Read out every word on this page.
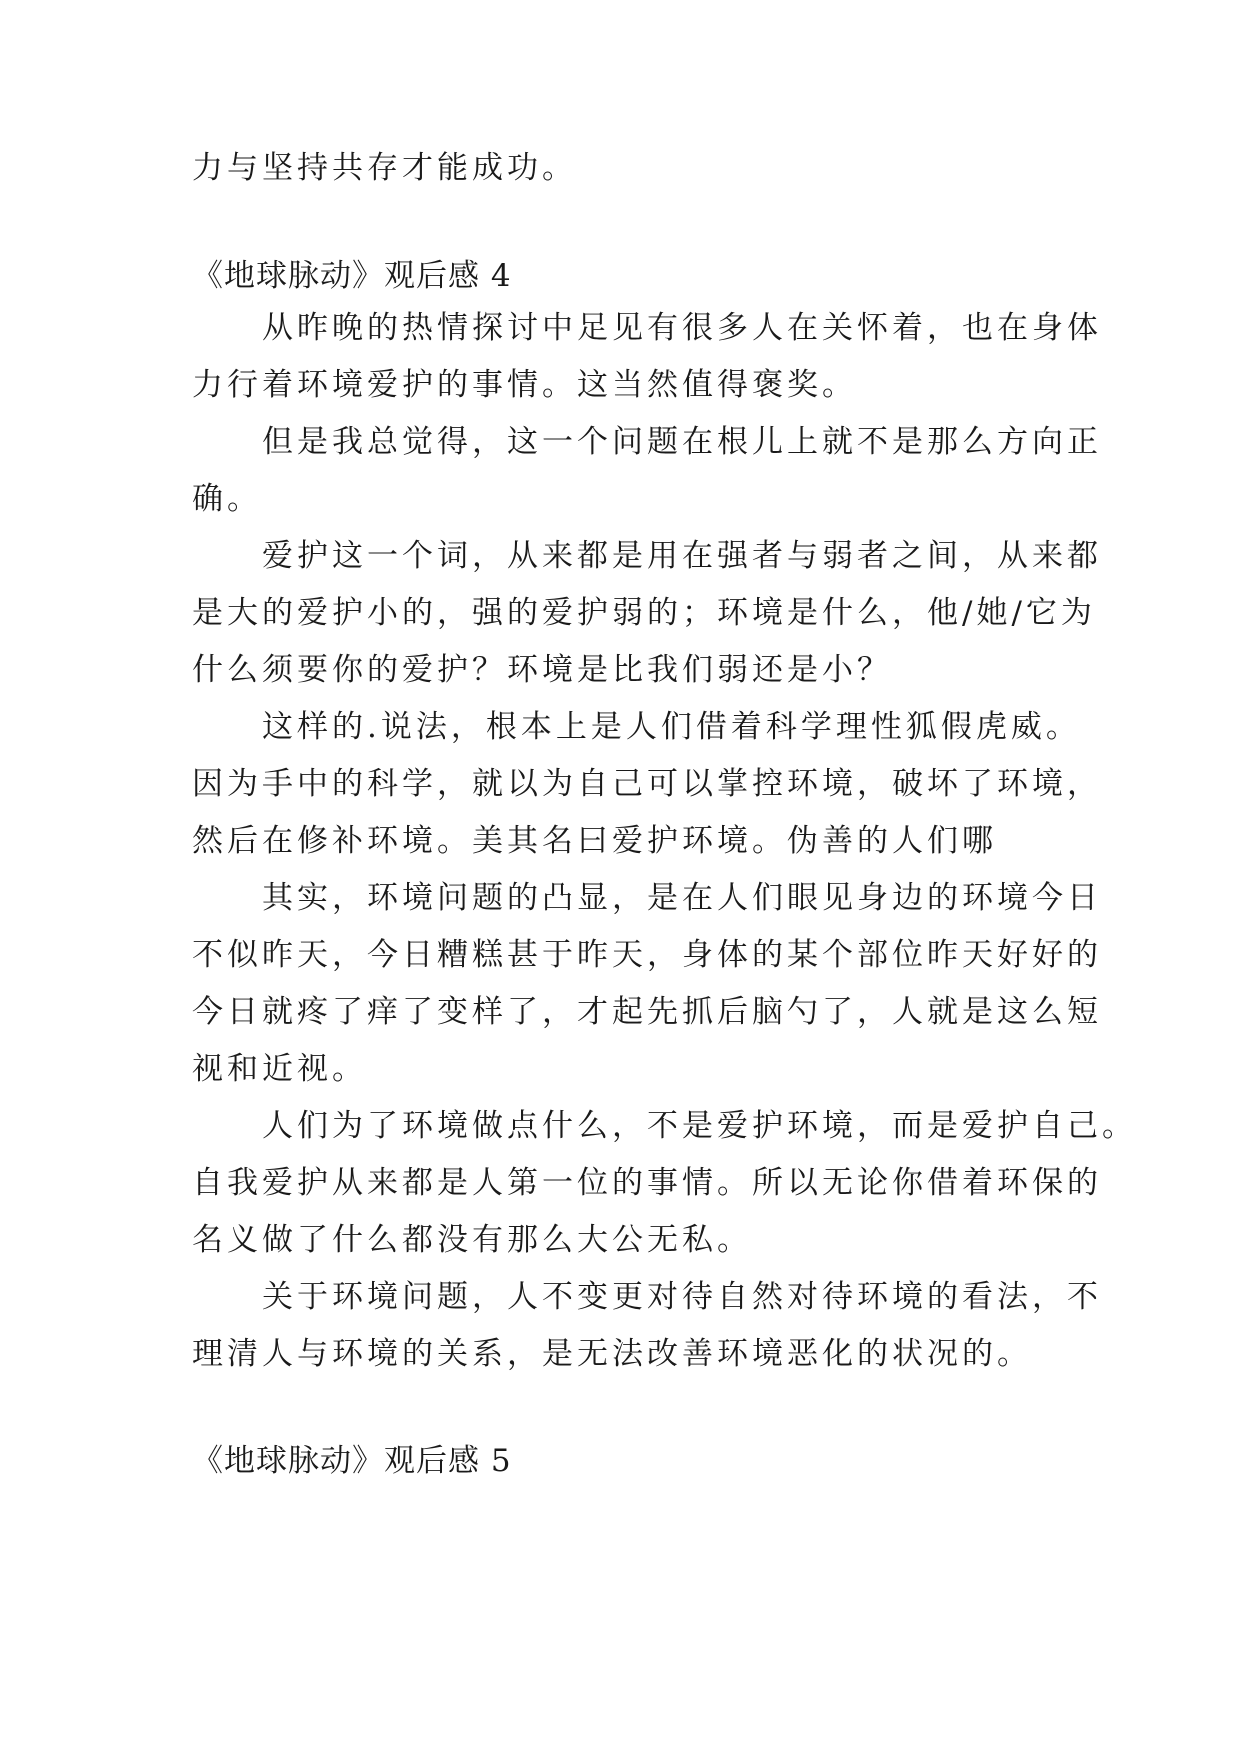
力与坚持共存才能成功。
《地球脉动》观后感 4
　　从昨晚的热情探讨中足见有很多人在关怀着，也在身体
力行着环境爱护的事情。这当然值得褒奖。
　　但是我总觉得，这一个问题在根儿上就不是那么方向正
确。
　　爱护这一个词，从来都是用在强者与弱者之间，从来都
是大的爱护小的，强的爱护弱的；环境是什么，他/她/它为
什么须要你的爱护？环境是比我们弱还是小？
　　这样的.说法，根本上是人们借着科学理性狐假虎威。
因为手中的科学，就以为自己可以掌控环境，破坏了环境，
然后在修补环境。美其名曰爱护环境。伪善的人们哪
　　其实，环境问题的凸显，是在人们眼见身边的环境今日
不似昨天，今日糟糕甚于昨天，身体的某个部位昨天好好的
今日就疼了痒了变样了，才起先抓后脑勺了，人就是这么短
视和近视。
　　人们为了环境做点什么，不是爱护环境，而是爱护自己。
自我爱护从来都是人第一位的事情。所以无论你借着环保的
名义做了什么都没有那么大公无私。
　　关于环境问题，人不变更对待自然对待环境的看法，不
理清人与环境的关系，是无法改善环境恶化的状况的。
《地球脉动》观后感 5
